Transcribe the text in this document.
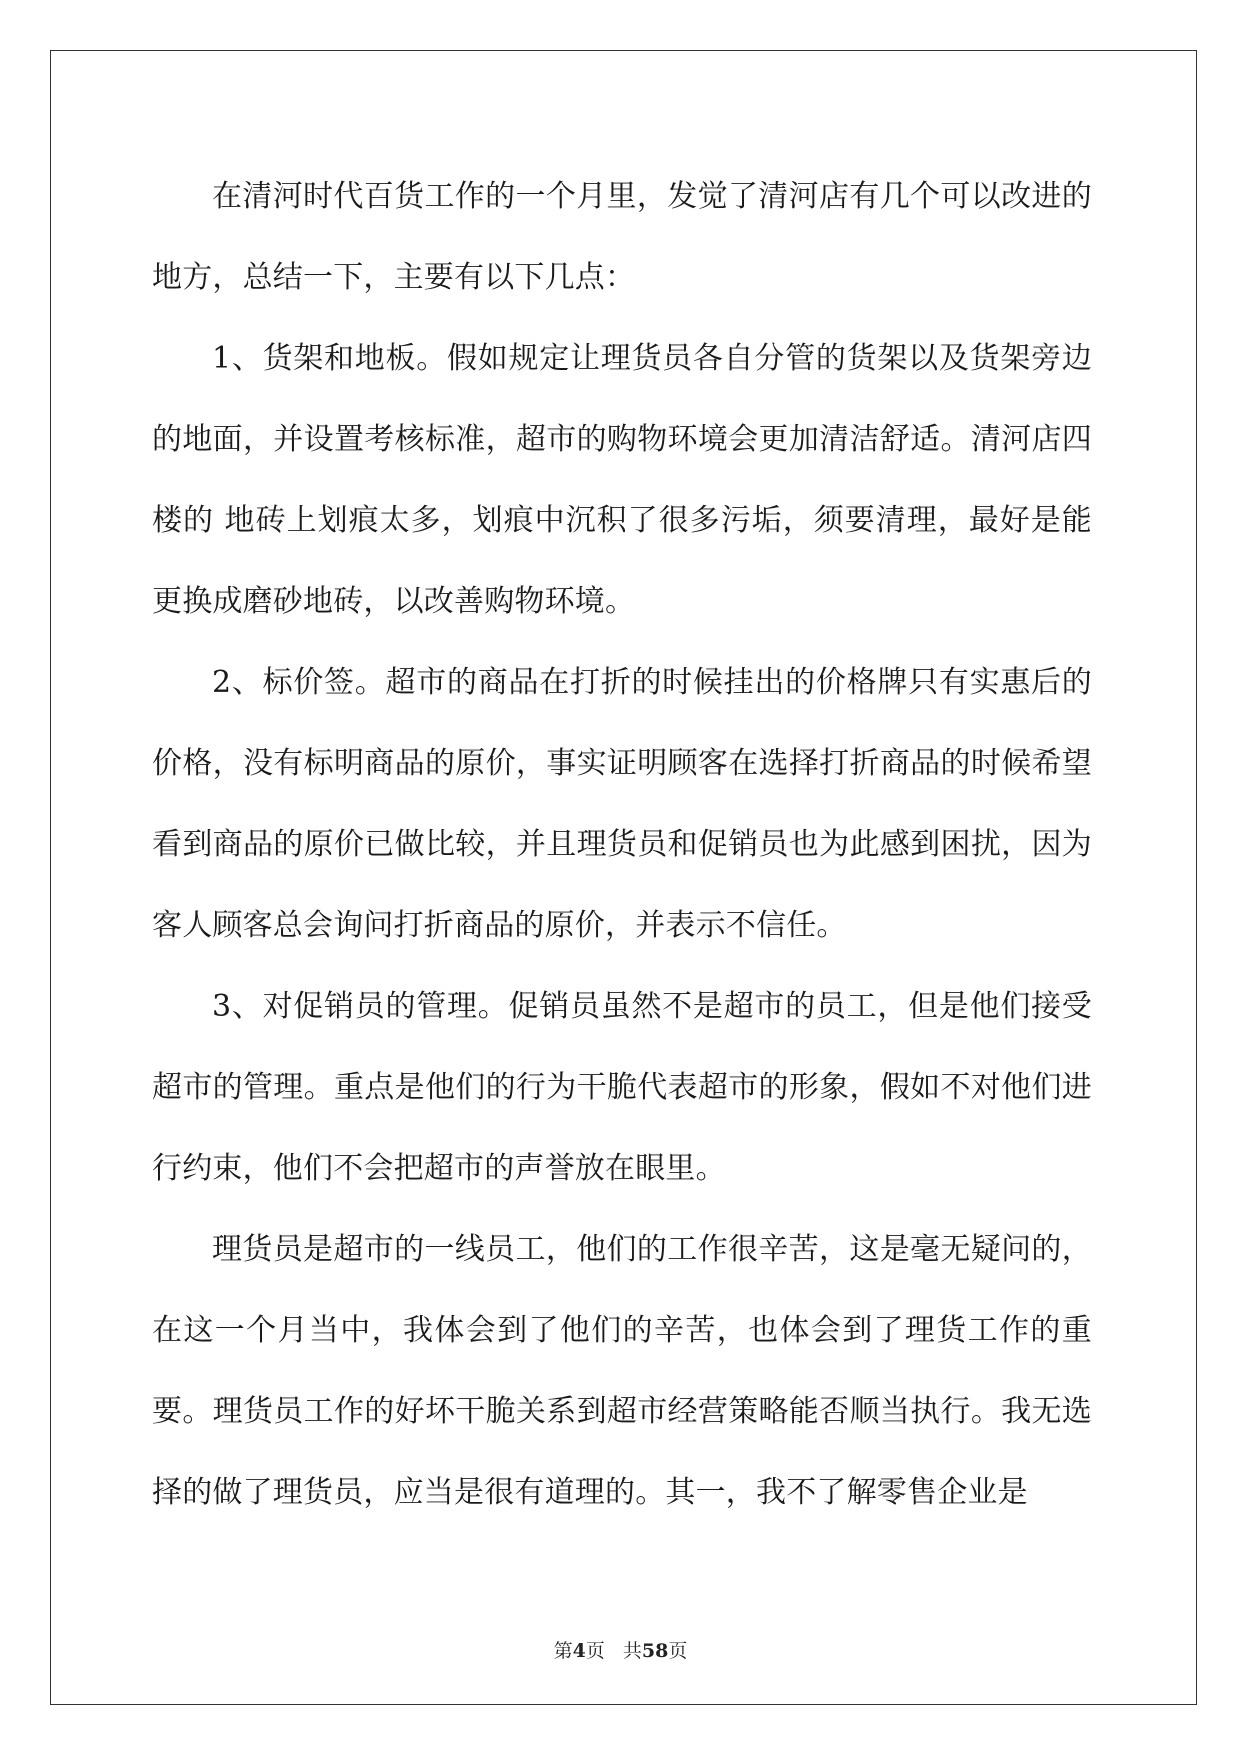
在清河时代百货工作的一个月里，发觉了清河店有几个可以改进的地方，总结一下，主要有以下几点：

1、货架和地板。假如规定让理货员各自分管的货架以及货架旁边的地面，并设置考核标准，超市的购物环境会更加清洁舒适。清河店四楼的 地砖上划痕太多，划痕中沉积了很多污垢，须要清理，最好是能更换成磨砂地砖，以改善购物环境。

2、标价签。超市的商品在打折的时候挂出的价格牌只有实惠后的价格，没有标明商品的原价，事实证明顾客在选择打折商品的时候希望看到商品的原价已做比较，并且理货员和促销员也为此感到困扰，因为客人顾客总会询问打折商品的原价，并表示不信任。

3、对促销员的管理。促销员虽然不是超市的员工，但是他们接受超市的管理。重点是他们的行为干脆代表超市的形象，假如不对他们进行约束，他们不会把超市的声誉放在眼里。

理货员是超市的一线员工，他们的工作很辛苦，这是毫无疑问的，在这一个月当中，我体会到了他们的辛苦，也体会到了理货工作的重要。理货员工作的好坏干脆关系到超市经营策略能否顺当执行。我无选择的做了理货员，应当是很有道理的。其一，我不了解零售企业是

第4页 共58页
